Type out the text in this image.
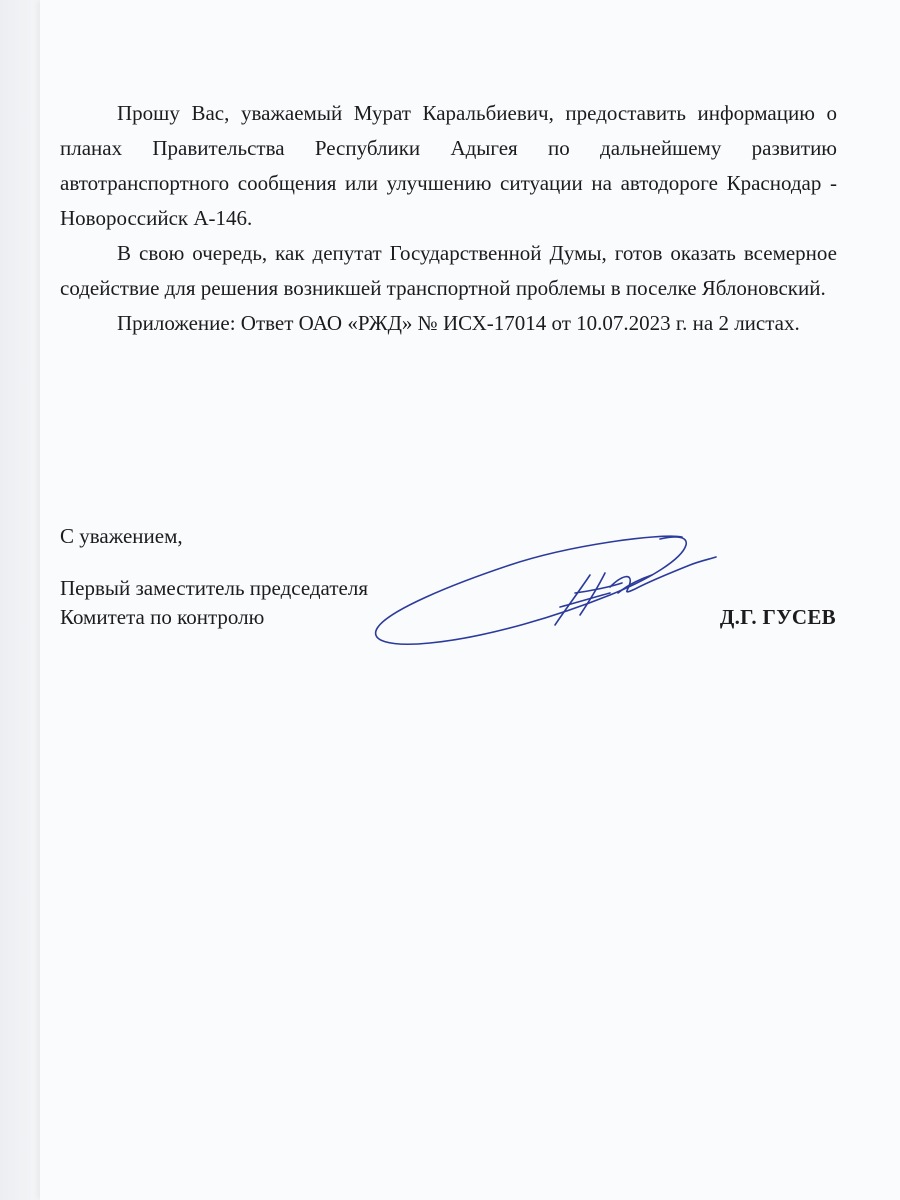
Прошу Вас, уважаемый Мурат Каральбиевич, предоставить информацию о планах Правительства Республики Адыгея по дальнейшему развитию автотранспортного сообщения или улучшению ситуации на автодороге Краснодар - Новороссийск А-146.

В свою очередь, как депутат Государственной Думы, готов оказать всемерное содействие для решения возникшей транспортной проблемы в поселке Яблоновский.

Приложение: Ответ ОАО «РЖД» № ИСХ-17014 от 10.07.2023 г. на 2 листах.

С уважением,
Первый заместитель председателя
Комитета по контролю	Д.Г. ГУСЕВ
